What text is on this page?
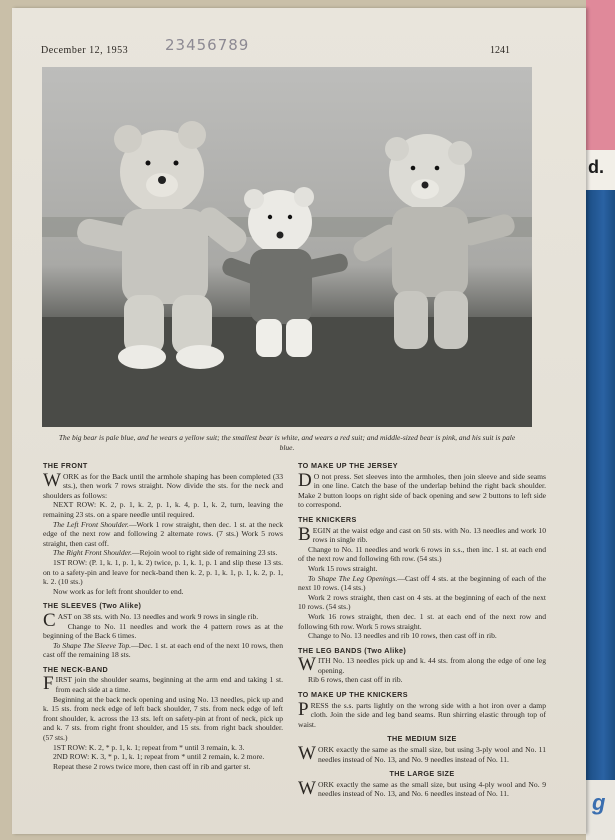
d.
g
December 12, 1953 23456789	1241
The big bear is pale blue, and he wears a yellow suit; the smallest bear is white, and wears a red suit; and middle-sized bear is pink, and his suit is pale blue.
THE FRONT

WORK as for the Back until the armhole shaping has been completed (33 sts.), then work 7 rows straight. Now divide the sts. for the neck and shoulders as follows:

NEXT ROW: K. 2, p. 1, k. 2, p. 1, k. 4, p. 1, k. 2, turn, leaving the remaining 23 sts. on a spare needle until required.

The Left Front Shoulder.—Work 1 row straight, then dec. 1 st. at the neck edge of the next row and following 2 alternate rows. (7 sts.) Work 5 rows straight, then cast off.

The Right Front Shoulder.—Rejoin wool to right side of remaining 23 sts.

1ST ROW: (P. 1, k. 1, p. 1, k. 2) twice, p. 1, k. 1, p. 1 and slip these 13 sts. on to a safety-pin and leave for neck-band then k. 2, p. 1, k. 1, p. 1, k. 2, p. 1, k. 2. (10 sts.)

Now work as for left front shoulder to end.

THE SLEEVES (Two Alike)

CAST on 38 sts. with No. 13 needles and work 9 rows in single rib.

Change to No. 11 needles and work the 4 pattern rows as at the beginning of the Back 6 times.

To Shape The Sleeve Top.—Dec. 1 st. at each end of the next 10 rows, then cast off the remaining 18 sts.

THE NECK-BAND

FIRST join the shoulder seams, beginning at the arm end and taking 1 st. from each side at a time.

Beginning at the back neck opening and using No. 13 needles, pick up and k. 15 sts. from neck edge of left back shoulder, 7 sts. from neck edge of left front shoulder, k. across the 13 sts. left on safety-pin at front of neck, pick up and k. 7 sts. from right front shoulder, and 15 sts. from right back shoulder. (57 sts.)

1ST ROW: K. 2, * p. 1, k. 1; repeat from * until 3 remain, k. 3.

2ND ROW: K. 3, * p. 1, k. 1; repeat from * until 2 remain, k. 2 more.

Repeat these 2 rows twice more, then cast off in rib and garter st.

TO MAKE UP THE JERSEY

D O not press. Set sleeves into the armholes, then join sleeve and side seams in one line. Catch the base of the underlap behind the right back shoulder. Make 2 button loops on right side of back opening and sew 2 buttons to left side to correspond.

THE KNICKERS

BEGIN at the waist edge and cast on 50 sts. with No. 13 needles and work 10 rows in single rib.

Change to No. 11 needles and work 6 rows in s.s., then inc. 1 st. at each end of the next row and following 6th row. (54 sts.)

Work 15 rows straight.

To Shape The Leg Openings.—Cast off 4 sts. at the beginning of each of the next 10 rows. (14 sts.)

Work 2 rows straight, then cast on 4 sts. at the beginning of each of the next 10 rows. (54 sts.)

Work 16 rows straight, then dec. 1 st. at each end of the next row and following 6th row. Work 5 rows straight.

Change to No. 13 needles and rib 10 rows, then cast off in rib.

THE LEG BANDS (Two Alike)

WITH No. 13 needles pick up and k. 44 sts. from along the edge of one leg opening.

Rib 6 rows, then cast off in rib.

TO MAKE UP THE KNICKERS

PRESS the s.s. parts lightly on the wrong side with a hot iron over a damp cloth. Join the side and leg band seams. Run shirring elastic through top of waist.

THE MEDIUM SIZE

WORK exactly the same as the small size, but using 3-ply wool and No. 11 needles instead of No. 13, and No. 9 needles instead of No. 11.

THE LARGE SIZE

WORK exactly the same as the small size, but using 4-ply wool and No. 9 needles instead of No. 13, and No. 6 needles instead of No. 11.
